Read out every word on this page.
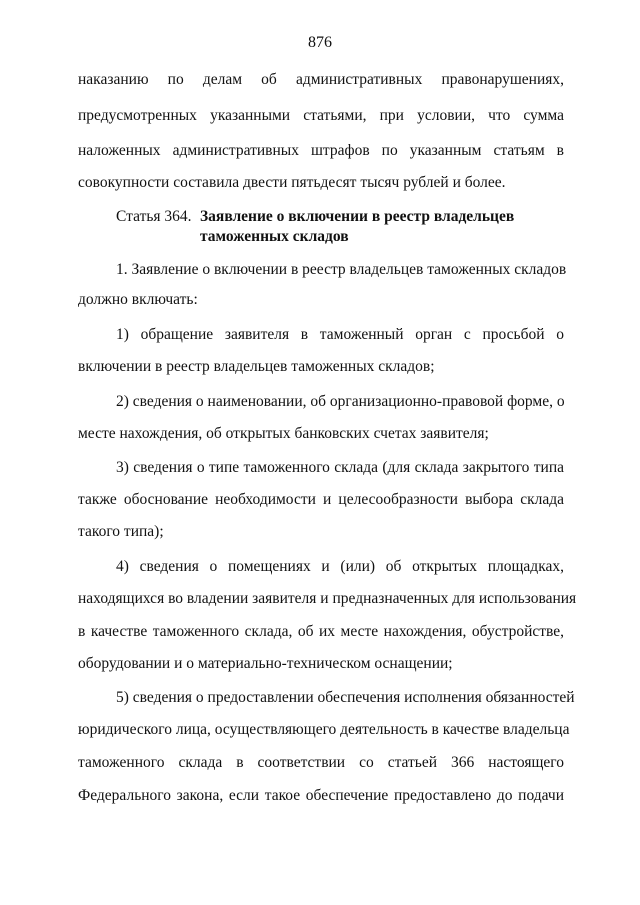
876
наказанию по делам об административных правонарушениях,
предусмотренных указанными статьями, при условии, что сумма
наложенных административных штрафов по указанным статьям в
совокупности составила двести пятьдесят тысяч рублей и более.
Статья 364. Заявление о включении в реестр владельцев
таможенных складов
1. Заявление о включении в реестр владельцев таможенных складов
должно включать:
1) обращение заявителя в таможенный орган с просьбой о
включении в реестр владельцев таможенных складов;
2) сведения о наименовании, об организационно-правовой форме, о
месте нахождения, об открытых банковских счетах заявителя;
3) сведения о типе таможенного склада (для склада закрытого типа
также обоснование необходимости и целесообразности выбора склада
такого типа);
4) сведения о помещениях и (или) об открытых площадках,
находящихся во владении заявителя и предназначенных для использования
в качестве таможенного склада, об их месте нахождения, обустройстве,
оборудовании и о материально-техническом оснащении;
5) сведения о предоставлении обеспечения исполнения обязанностей
юридического лица, осуществляющего деятельность в качестве владельца
таможенного склада в соответствии со статьей 366 настоящего
Федерального закона, если такое обеспечение предоставлено до подачи
